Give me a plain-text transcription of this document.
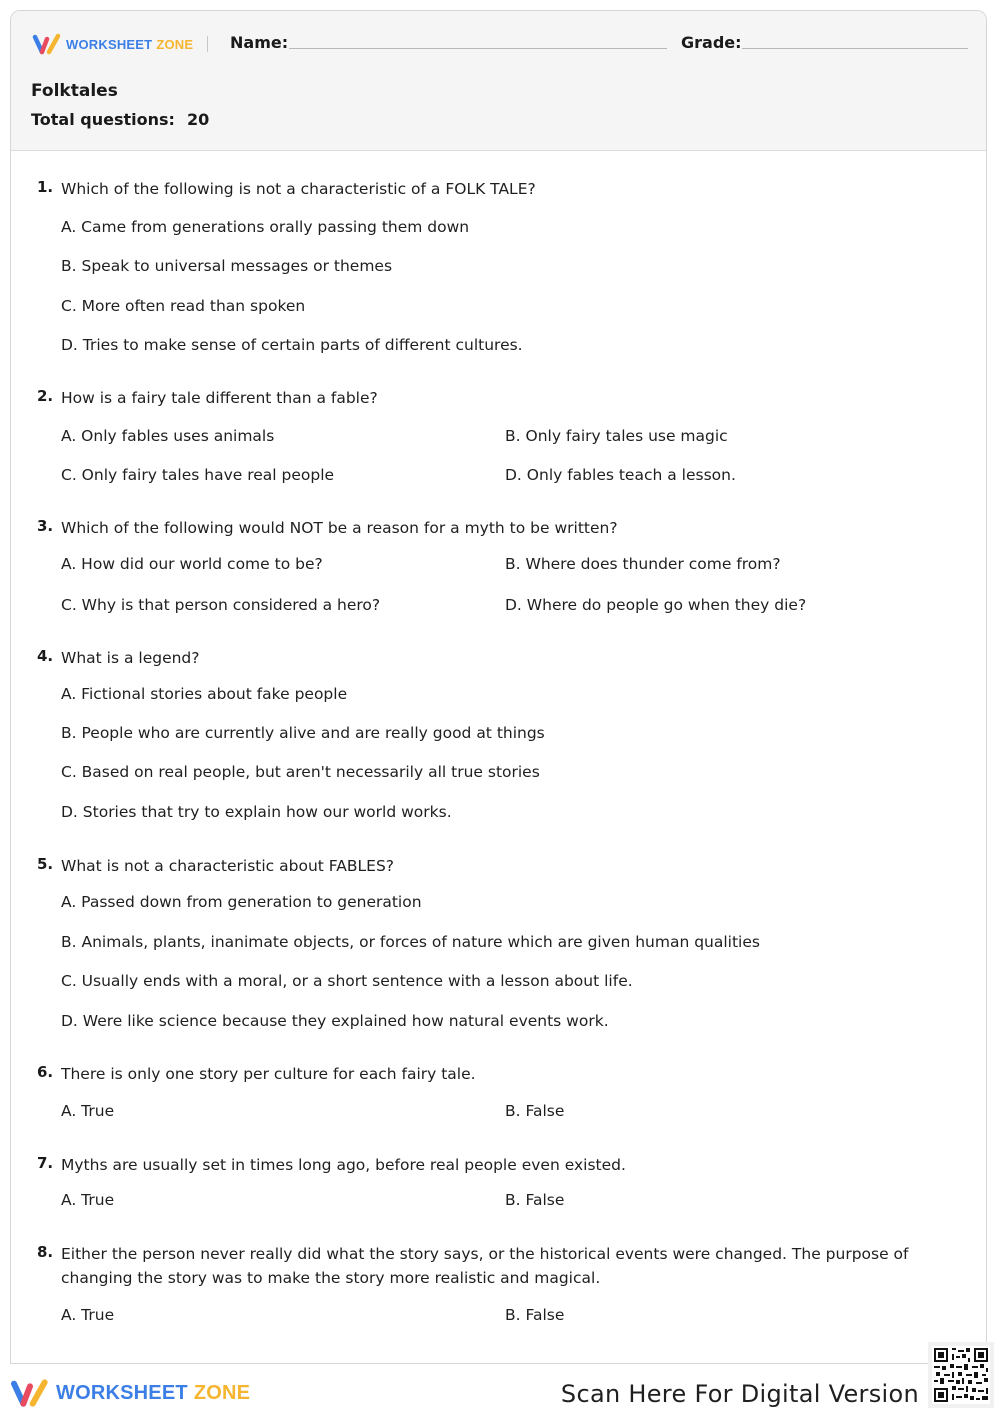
WORKSHEET ZONE Name:	Grade:
Folktales
Total questions: 20
1. Which of the following is not a characteristic of a FOLK TALE?
A. Came from generations orally passing them down
B. Speak to universal messages or themes
C. More often read than spoken
D. Tries to make sense of certain parts of different cultures.
2. How is a fairy tale different than a fable?
A. Only fables uses animals	B. Only fairy tales use magic
C. Only fairy tales have real people	D. Only fables teach a lesson.
3. Which of the following would NOT be a reason for a myth to be written?
A. How did our world come to be?	B. Where does thunder come from?
C. Why is that person considered a hero?	D. Where do people go when they die?
4. What is a legend?
A. Fictional stories about fake people
B. People who are currently alive and are really good at things
C. Based on real people, but aren't necessarily all true stories
D. Stories that try to explain how our world works.
5. What is not a characteristic about FABLES?
A. Passed down from generation to generation
B. Animals, plants, inanimate objects, or forces of nature which are given human qualities
C. Usually ends with a moral, or a short sentence with a lesson about life.
D. Were like science because they explained how natural events work.
6. There is only one story per culture for each fairy tale.
A. True	B. False
7. Myths are usually set in times long ago, before real people even existed.
A. True	B. False
8. Either the person never really did what the story says, or the historical events were changed. The purpose of changing the story was to make the story more realistic and magical.
A. True	B. False
WORKSHEET ZONE	Scan Here For Digital Version
